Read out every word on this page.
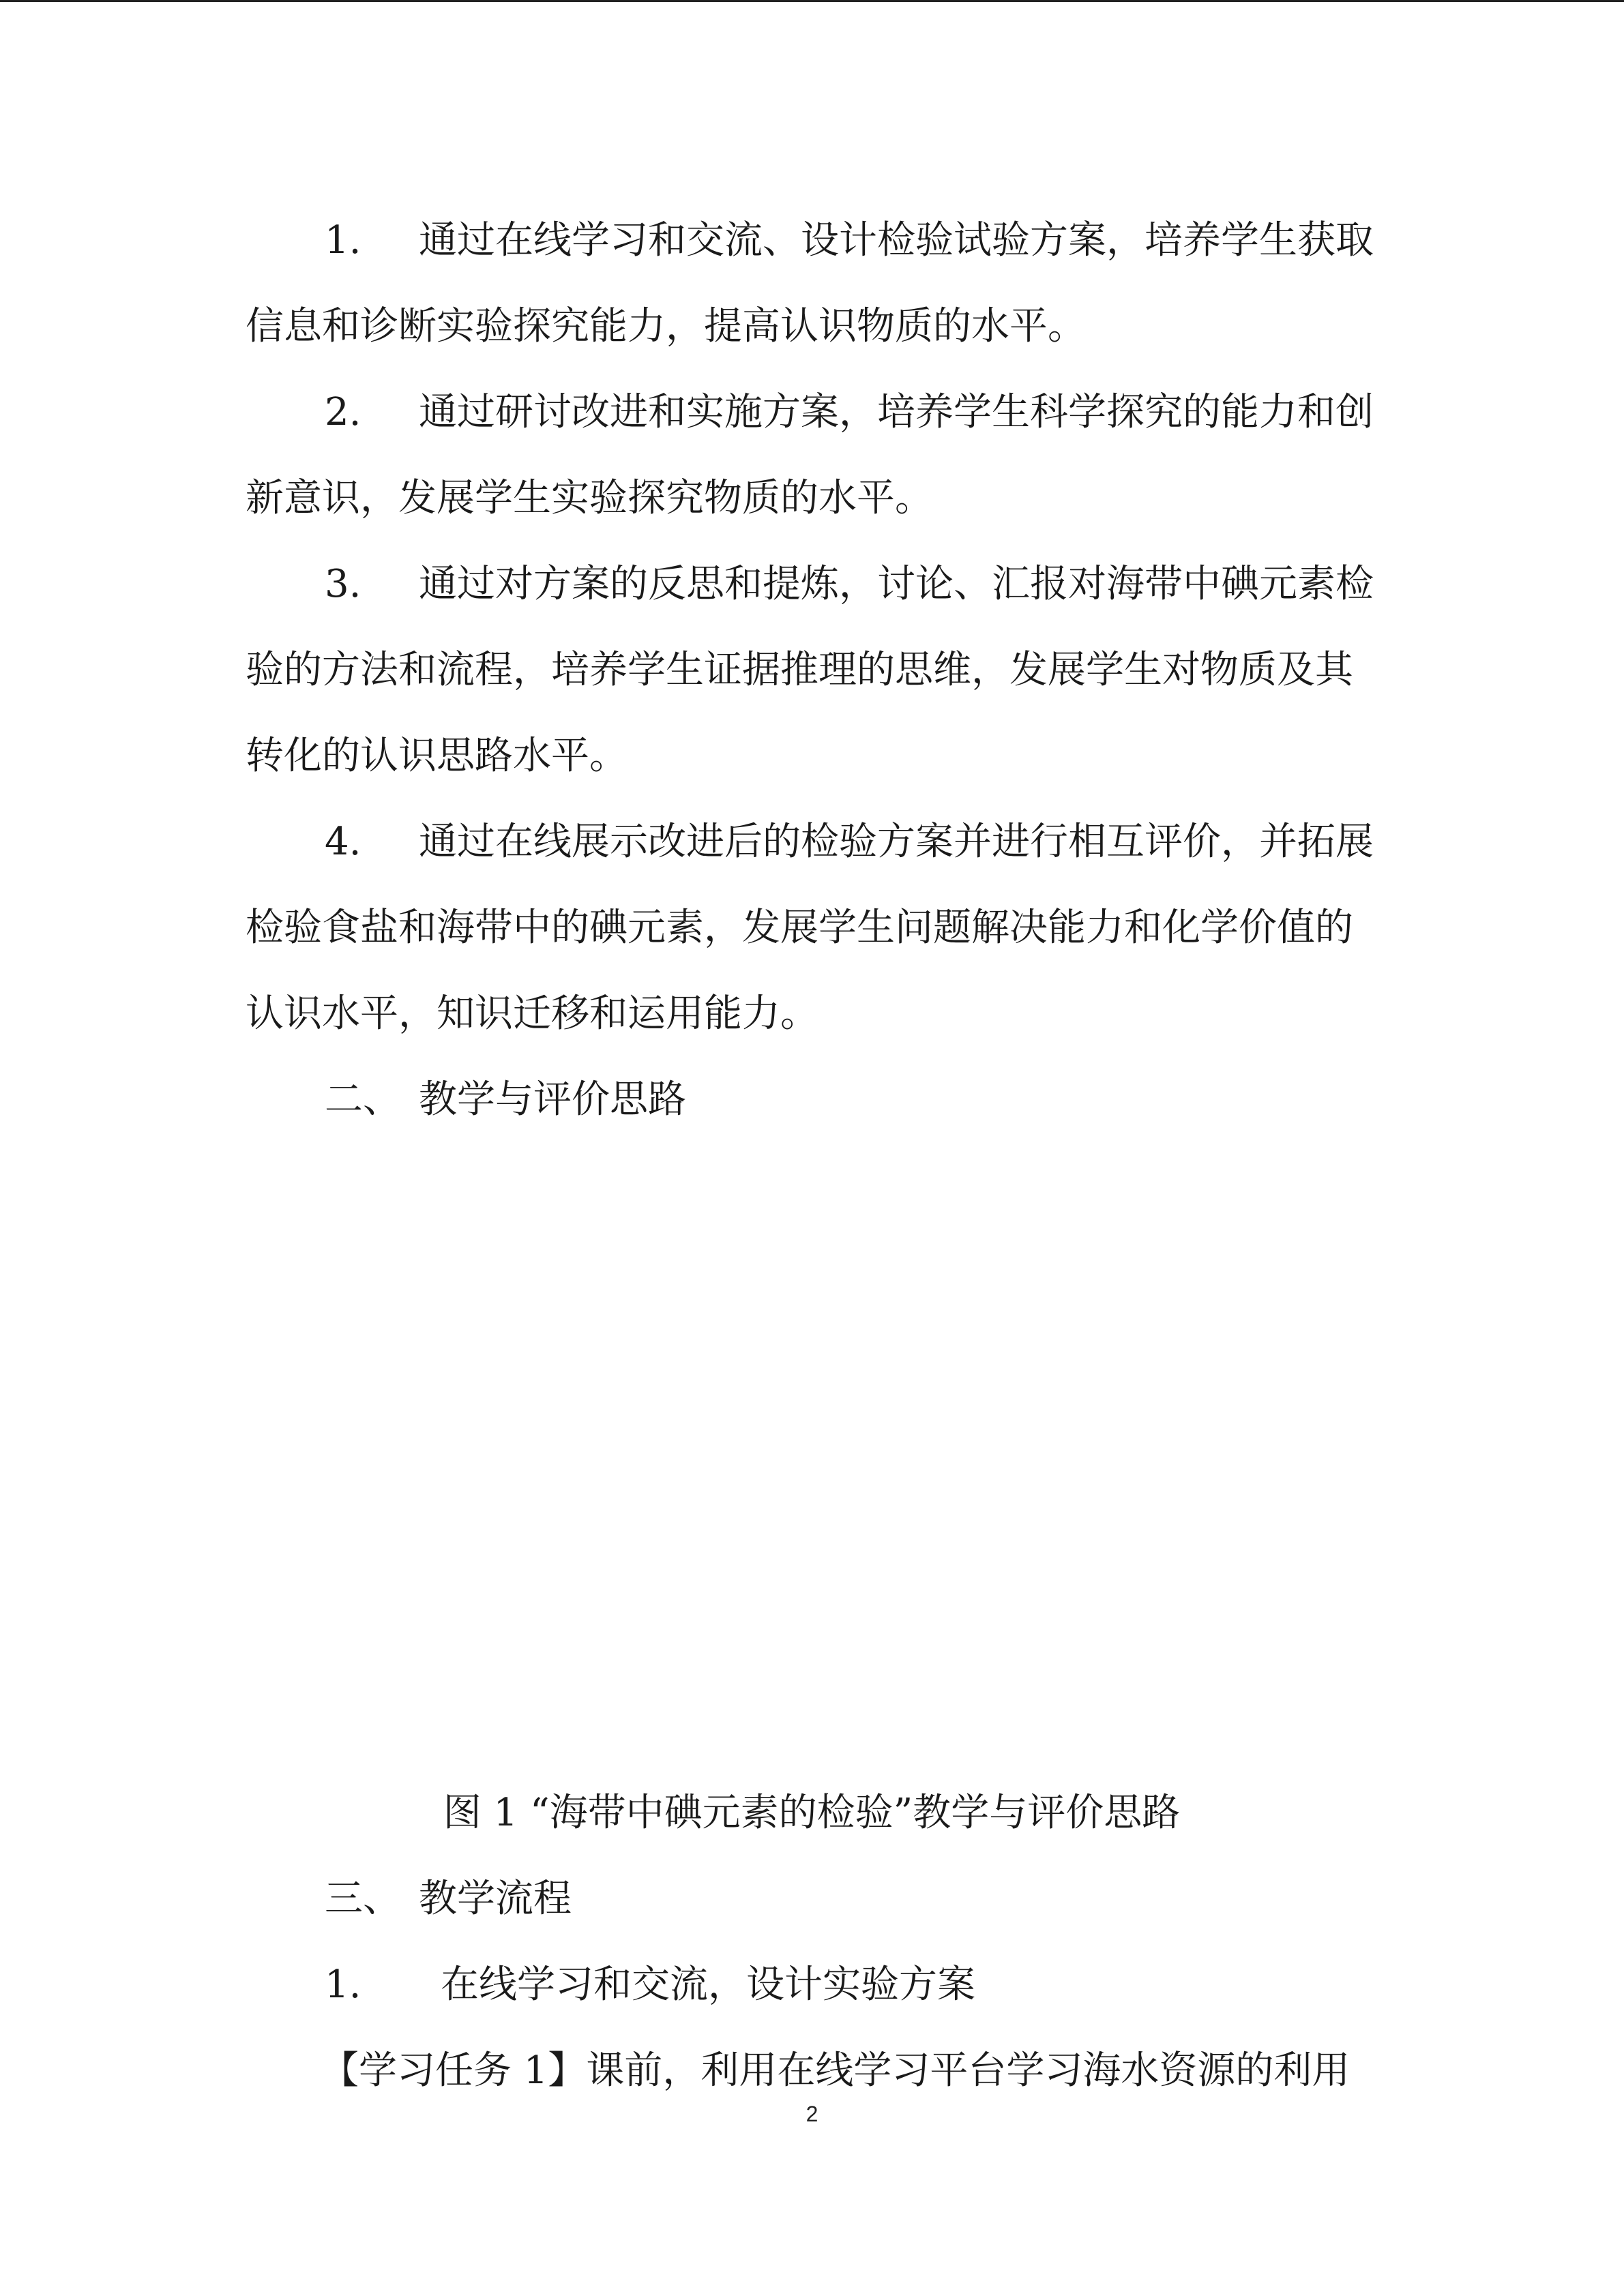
1. 通过在线学习和交流、设计检验试验方案，培养学生获取信息和诊断实验探究能力，提高认识物质的水平。

2. 通过研讨改进和实施方案，培养学生科学探究的能力和创新意识，发展学生实验探究物质的水平。

3. 通过对方案的反思和提炼，讨论、汇报对海带中碘元素检验的方法和流程，培养学生证据推理的思维，发展学生对物质及其转化的认识思路水平。

4. 通过在线展示改进后的检验方案并进行相互评价，并拓展检验食盐和海带中的碘元素，发展学生问题解决能力和化学价值的认识水平，知识迁移和运用能力。

二、 教学与评价思路

图 1 “海带中碘元素的检验”教学与评价思路

三、 教学流程

1. 在线学习和交流，设计实验方案

【学习任务 1】课前，利用在线学习平台学习海水资源的利用

2
